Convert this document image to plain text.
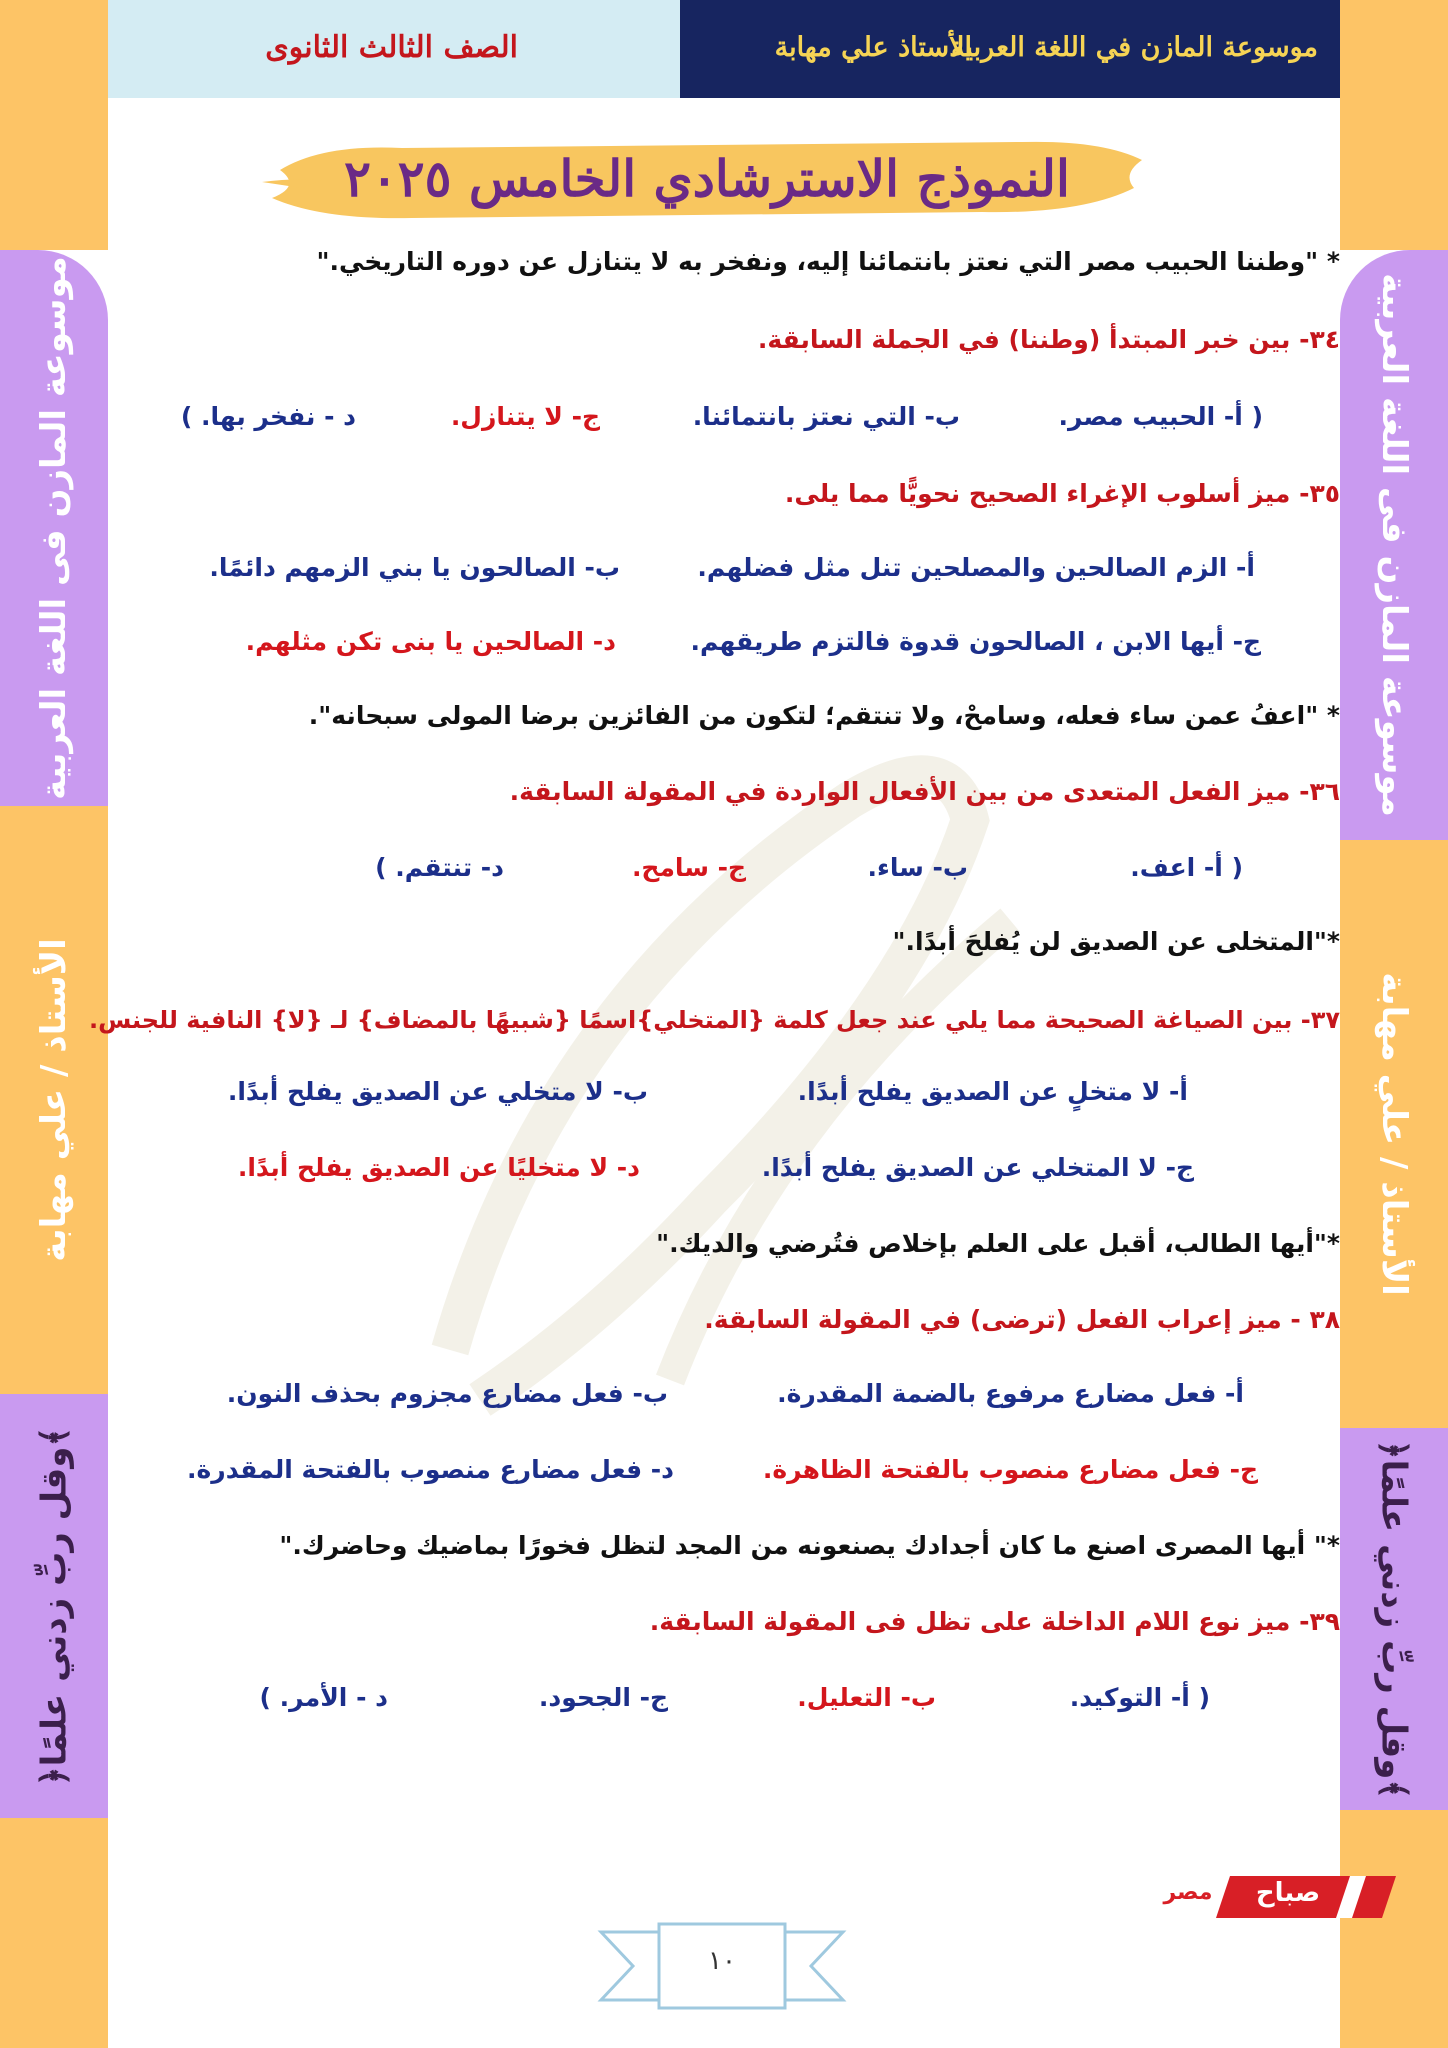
موسوعة المازن فى اللغة العربية
الأستاذ / علي مهابة
﴿وقل ربِّ زدني علمًا﴾
موسوعة المازن فى اللغة العربية
الأستاذ / علي مهابة
﴿وقل ربِّ زدني علمًا﴾
الصف الثالث الثانوى	موسوعة المازن في اللغة العربية
الأستاذ علي مهابة
النموذج الاسترشادي الخامس ٢٠٢٥
* "وطننا الحبيب مصر التي نعتز بانتمائنا إليه، ونفخر به لا يتنازل عن دوره التاريخي."
٣٤- بين خبر المبتدأ (وطننا) في الجملة السابقة.
( أ- الحبيب مصر.
ب- التي نعتز بانتمائنا.
ج- لا يتنازل.
د - نفخر بها. )
٣٥- ميز أسلوب الإغراء الصحيح نحويًّا مما يلى.
أ- الزم الصالحين والمصلحين تنل مثل فضلهم.
ب- الصالحون يا بني الزمهم دائمًا.
ج- أيها الابن ، الصالحون قدوة فالتزم طريقهم.
د- الصالحين يا بنى تكن مثلهم.
* "اعفُ عمن ساء فعله، وسامحْ، ولا تنتقم؛ لتكون من الفائزين برضا المولى سبحانه".
٣٦- ميز الفعل المتعدى من بين الأفعال الواردة في المقولة السابقة.
( أ- اعف.
ب- ساء.
ج- سامح.
د- تنتقم. )
*"المتخلى عن الصديق لن يُفلحَ أبدًا."
٣٧- بين الصياغة الصحيحة مما يلي عند جعل كلمة {المتخلي}اسمًا {شبيهًا بالمضاف} لـ {لا} النافية للجنس.
أ- لا متخلٍ عن الصديق يفلح أبدًا.
ب- لا متخلي عن الصديق يفلح أبدًا.
ج- لا المتخلي عن الصديق يفلح أبدًا.
د- لا متخليًا عن الصديق يفلح أبدًا.
*"أيها الطالب، أقبل على العلم بإخلاص فتُرضي والديك."
٣٨ - ميز إعراب الفعل (ترضى) في المقولة السابقة.
أ- فعل مضارع مرفوع بالضمة المقدرة.
ب- فعل مضارع مجزوم بحذف النون.
ج- فعل مضارع منصوب بالفتحة الظاهرة.
د- فعل مضارع منصوب بالفتحة المقدرة.
*" أيها المصرى اصنع ما كان أجدادك يصنعونه من المجد لتظل فخورًا بماضيك وحاضرك."
٣٩- ميز نوع اللام الداخلة على تظل فى المقولة السابقة.
( أ- التوكيد.
ب- التعليل.
ج- الجحود.
د - الأمر. )
صباح
مصر
١٠
